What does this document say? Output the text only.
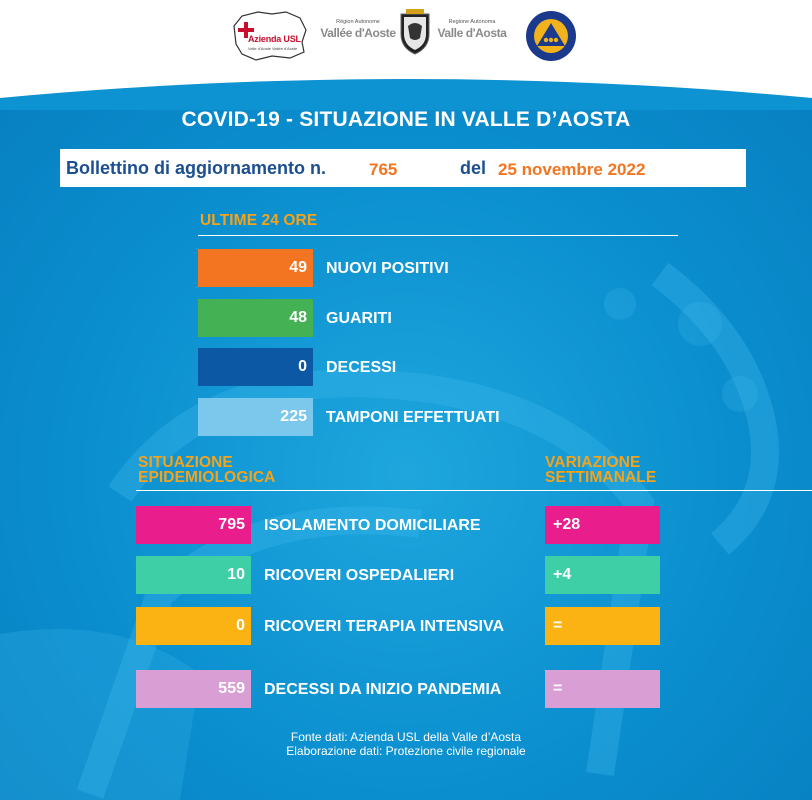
Azienda USL
Valle d'Aoste Vallée d'Aoste
Région Autonome
Vallée d'Aoste
Regione Autonoma
Valle d'Aosta
COVID-19 - SITUAZIONE IN VALLE D’AOSTA
Bollettino di aggiornamento n.	765	del 25 novembre 2022
ULTIME 24 ORE
49	NUOVI POSITIVI
48	GUARITI
0	DECESSI
225	TAMPONI EFFETTUATI
SITUAZIONE
EPIDEMIOLOGICA
VARIAZIONE
SETTIMANALE
795	ISOLAMENTO DOMICILIARE	+28
10	RICOVERI OSPEDALIERI	+4
0	RICOVERI TERAPIA INTENSIVA	=
559	DECESSI DA INIZIO PANDEMIA	=
Fonte dati: Azienda USL della Valle d’Aosta
Elaborazione dati: Protezione civile regionale
